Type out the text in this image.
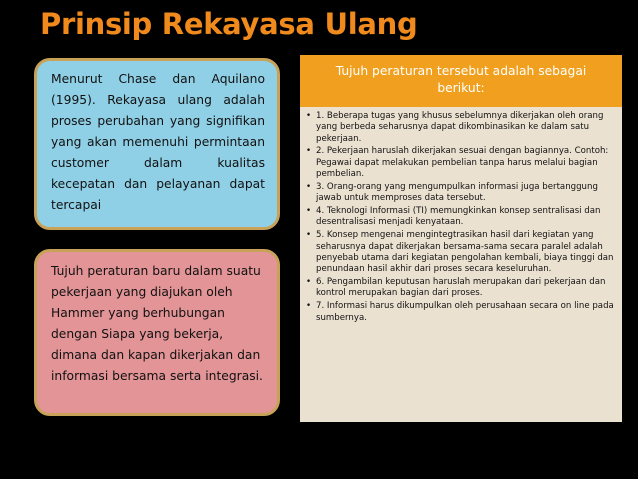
Prinsip Rekayasa Ulang

Menurut Chase dan Aquilano (1995). Rekayasa ulang adalah proses perubahan yang signifikan yang akan memenuhi permintaan customer dalam kualitas kecepatan dan pelayanan dapat tercapai

Tujuh peraturan baru dalam suatu pekerjaan yang diajukan oleh Hammer yang berhubungan dengan Siapa yang bekerja, dimana dan kapan dikerjakan dan informasi bersama serta integrasi.

Tujuh peraturan tersebut adalah sebagai berikut:
• 1. Beberapa tugas yang khusus sebelumnya dikerjakan oleh orang yang berbeda seharusnya dapat dikombinasikan ke dalam satu pekerjaan.
• 2. Pekerjaan haruslah dikerjakan sesuai dengan bagiannya. Contoh: Pegawai dapat melakukan pembelian tanpa harus melalui bagian pembelian.
• 3. Orang-orang yang mengumpulkan informasi juga bertanggung jawab untuk memproses data tersebut.
• 4. Teknologi Informasi (TI) memungkinkan konsep sentralisasi dan desentralisasi menjadi kenyataan.
• 5. Konsep mengenai mengintegtrasikan hasil dari kegiatan yang seharusnya dapat dikerjakan bersama-sama secara paralel adalah penyebab utama dari kegiatan pengolahan kembali, biaya tinggi dan penundaan hasil akhir dari proses secara keseluruhan.
• 6. Pengambilan keputusan haruslah merupakan dari pekerjaan dan kontrol merupakan bagian dari proses.
• 7. Informasi harus dikumpulkan oleh perusahaan secara on line pada sumbernya.
